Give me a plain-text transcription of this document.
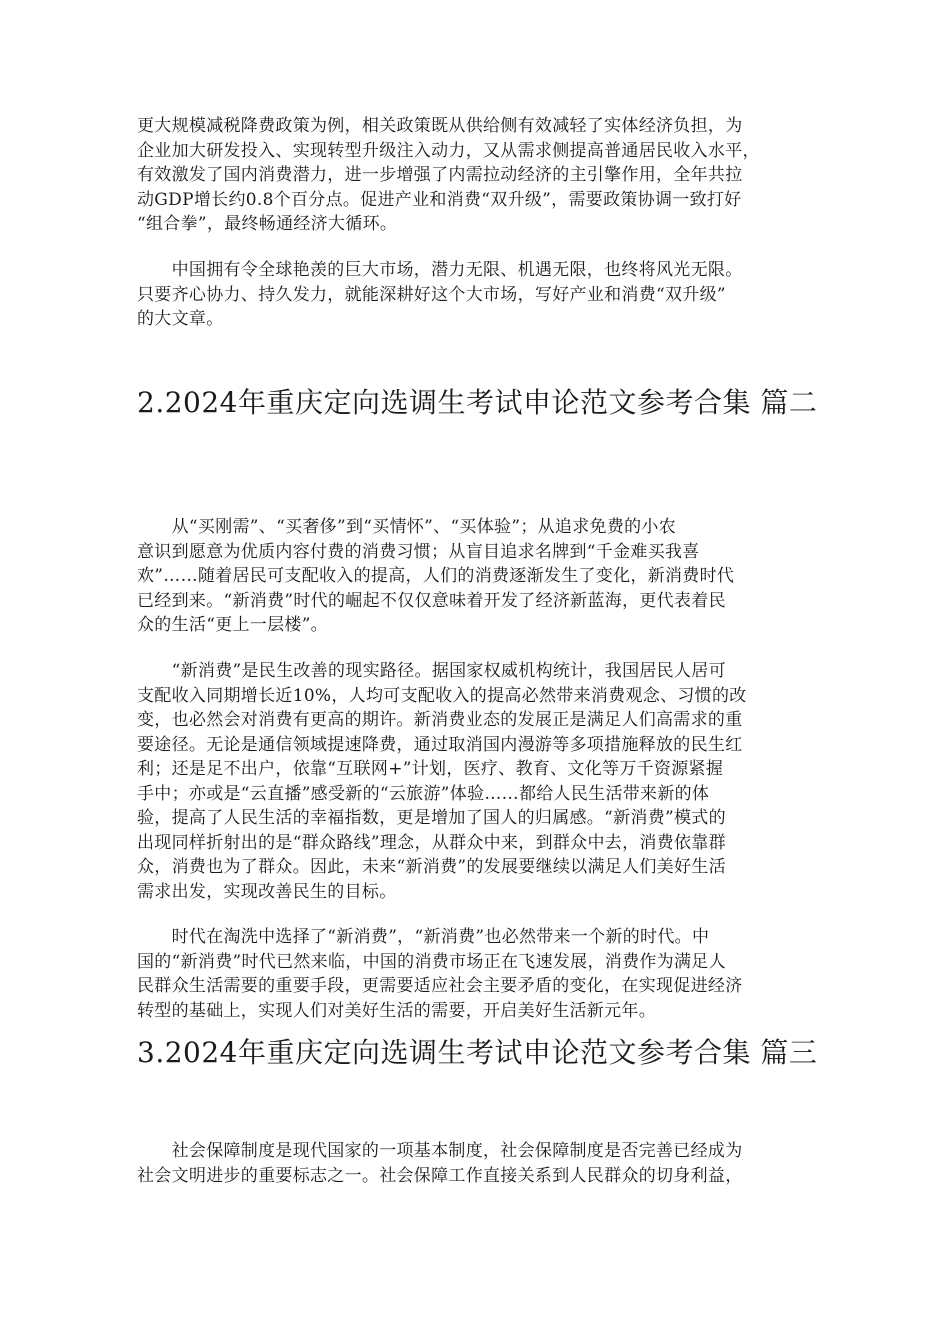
更大规模减税降费政策为例，相关政策既从供给侧有效减轻了实体经济负担，为
企业加大研发投入、实现转型升级注入动力，又从需求侧提高普通居民收入水平，
有效激发了国内消费潜力，进一步增强了内需拉动经济的主引擎作用，全年共拉
动GDP增长约0.8个百分点。促进产业和消费“双升级”，需要政策协调一致打好
“组合拳”，最终畅通经济大循环。

　　中国拥有令全球艳羡的巨大市场，潜力无限、机遇无限，也终将风光无限。
只要齐心协力、持久发力，就能深耕好这个大市场，写好产业和消费“双升级”
的大文章。

2.2024年重庆定向选调生考试申论范文参考合集 篇二

　　从“买刚需”、“买奢侈”到“买情怀”、“买体验”；从追求免费的小农
意识到愿意为优质内容付费的消费习惯；从盲目追求名牌到“千金难买我喜
欢”……随着居民可支配收入的提高，人们的消费逐渐发生了变化，新消费时代
已经到来。“新消费”时代的崛起不仅仅意味着开发了经济新蓝海，更代表着民
众的生活“更上一层楼”。

　　“新消费”是民生改善的现实路径。据国家权威机构统计，我国居民人居可
支配收入同期增长近10%，人均可支配收入的提高必然带来消费观念、习惯的改
变，也必然会对消费有更高的期许。新消费业态的发展正是满足人们高需求的重
要途径。无论是通信领域提速降费，通过取消国内漫游等多项措施释放的民生红
利；还是足不出户，依靠“互联网+”计划，医疗、教育、文化等万千资源紧握
手中；亦或是“云直播”感受新的“云旅游”体验……都给人民生活带来新的体
验，提高了人民生活的幸福指数，更是增加了国人的归属感。“新消费”模式的
出现同样折射出的是“群众路线”理念，从群众中来，到群众中去，消费依靠群
众，消费也为了群众。因此，未来“新消费”的发展要继续以满足人们美好生活
需求出发，实现改善民生的目标。

　　时代在淘洗中选择了“新消费”，“新消费”也必然带来一个新的时代。中
国的“新消费”时代已然来临，中国的消费市场正在飞速发展，消费作为满足人
民群众生活需要的重要手段，更需要适应社会主要矛盾的变化，在实现促进经济
转型的基础上，实现人们对美好生活的需要，开启美好生活新元年。

3.2024年重庆定向选调生考试申论范文参考合集 篇三

　　社会保障制度是现代国家的一项基本制度，社会保障制度是否完善已经成为
社会文明进步的重要标志之一。社会保障工作直接关系到人民群众的切身利益，
